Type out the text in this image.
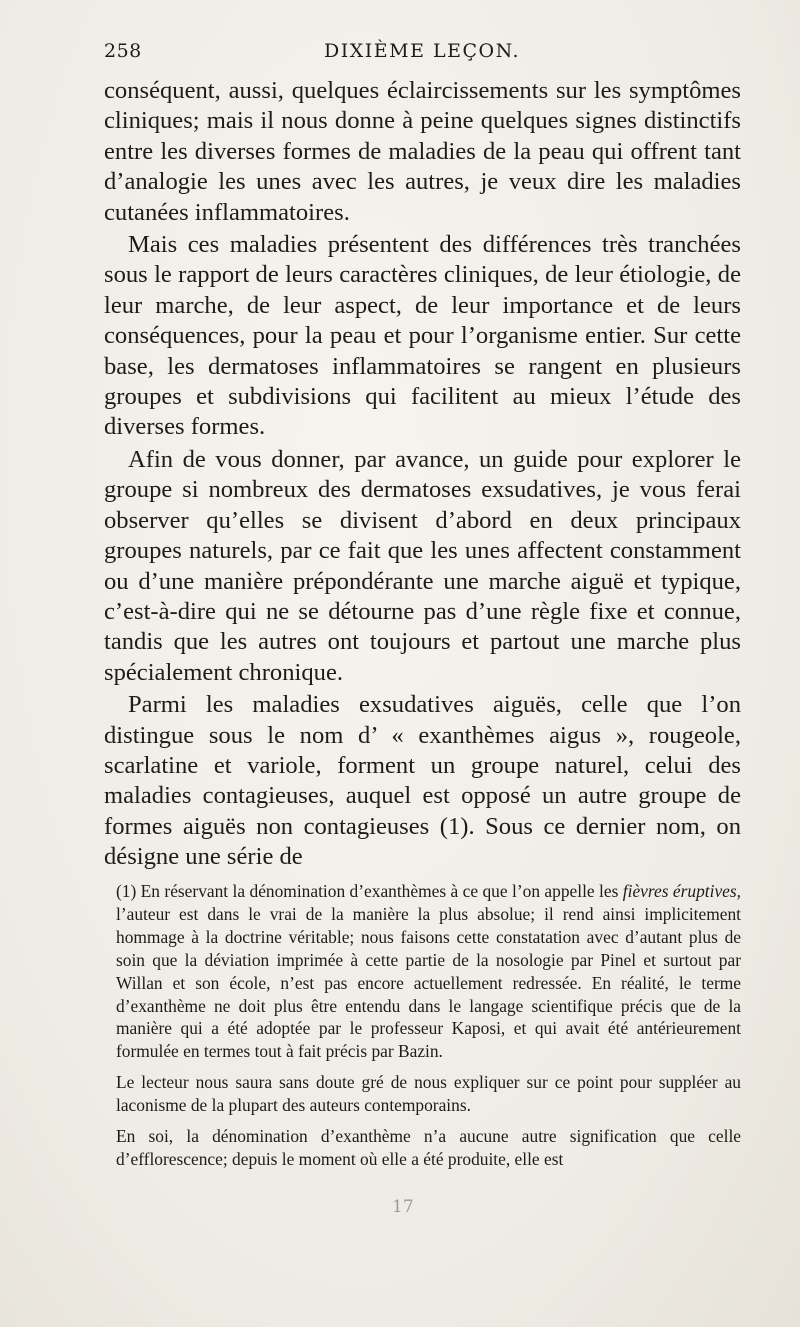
258	DIXIÈME LEÇON.

conséquent, aussi, quelques éclaircissements sur les symptômes cliniques; mais il nous donne à peine quelques signes distinctifs entre les diverses formes de maladies de la peau qui offrent tant d’analogie les unes avec les autres, je veux dire les maladies cutanées inflammatoires.

Mais ces maladies présentent des différences très tranchées sous le rapport de leurs caractères cliniques, de leur étiologie, de leur marche, de leur aspect, de leur importance et de leurs conséquences, pour la peau et pour l’organisme entier. Sur cette base, les dermatoses inflammatoires se rangent en plusieurs groupes et subdivisions qui facilitent au mieux l’étude des diverses formes.

Afin de vous donner, par avance, un guide pour explorer le groupe si nombreux des dermatoses exsudatives, je vous ferai observer qu’elles se divisent d’abord en deux principaux groupes naturels, par ce fait que les unes affectent constamment ou d’une manière prépondérante une marche aiguë et typique, c’est-à-dire qui ne se détourne pas d’une règle fixe et connue, tandis que les autres ont toujours et partout une marche plus spécialement chronique.

Parmi les maladies exsudatives aiguës, celle que l’on distingue sous le nom d’ « exanthèmes aigus », rougeole, scarlatine et variole, forment un groupe naturel, celui des maladies contagieuses, auquel est opposé un autre groupe de formes aiguës non contagieuses (1). Sous ce dernier nom, on désigne une série de

(1) En réservant la dénomination d’exanthèmes à ce que l’on appelle les fièvres éruptives, l’auteur est dans le vrai de la manière la plus absolue; il rend ainsi implicitement hommage à la doctrine véritable; nous faisons cette constatation avec d’autant plus de soin que la déviation imprimée à cette partie de la nosologie par Pinel et surtout par Willan et son école, n’est pas encore actuellement redressée. En réalité, le terme d’exanthème ne doit plus être entendu dans le langage scientifique précis que de la manière qui a été adoptée par le professeur Kaposi, et qui avait été antérieurement formulée en termes tout à fait précis par Bazin.

Le lecteur nous saura sans doute gré de nous expliquer sur ce point pour suppléer au laconisme de la plupart des auteurs contemporains.

En soi, la dénomination d’exanthème n’a aucune autre signification que celle d’efflorescence; depuis le moment où elle a été produite, elle est

17
